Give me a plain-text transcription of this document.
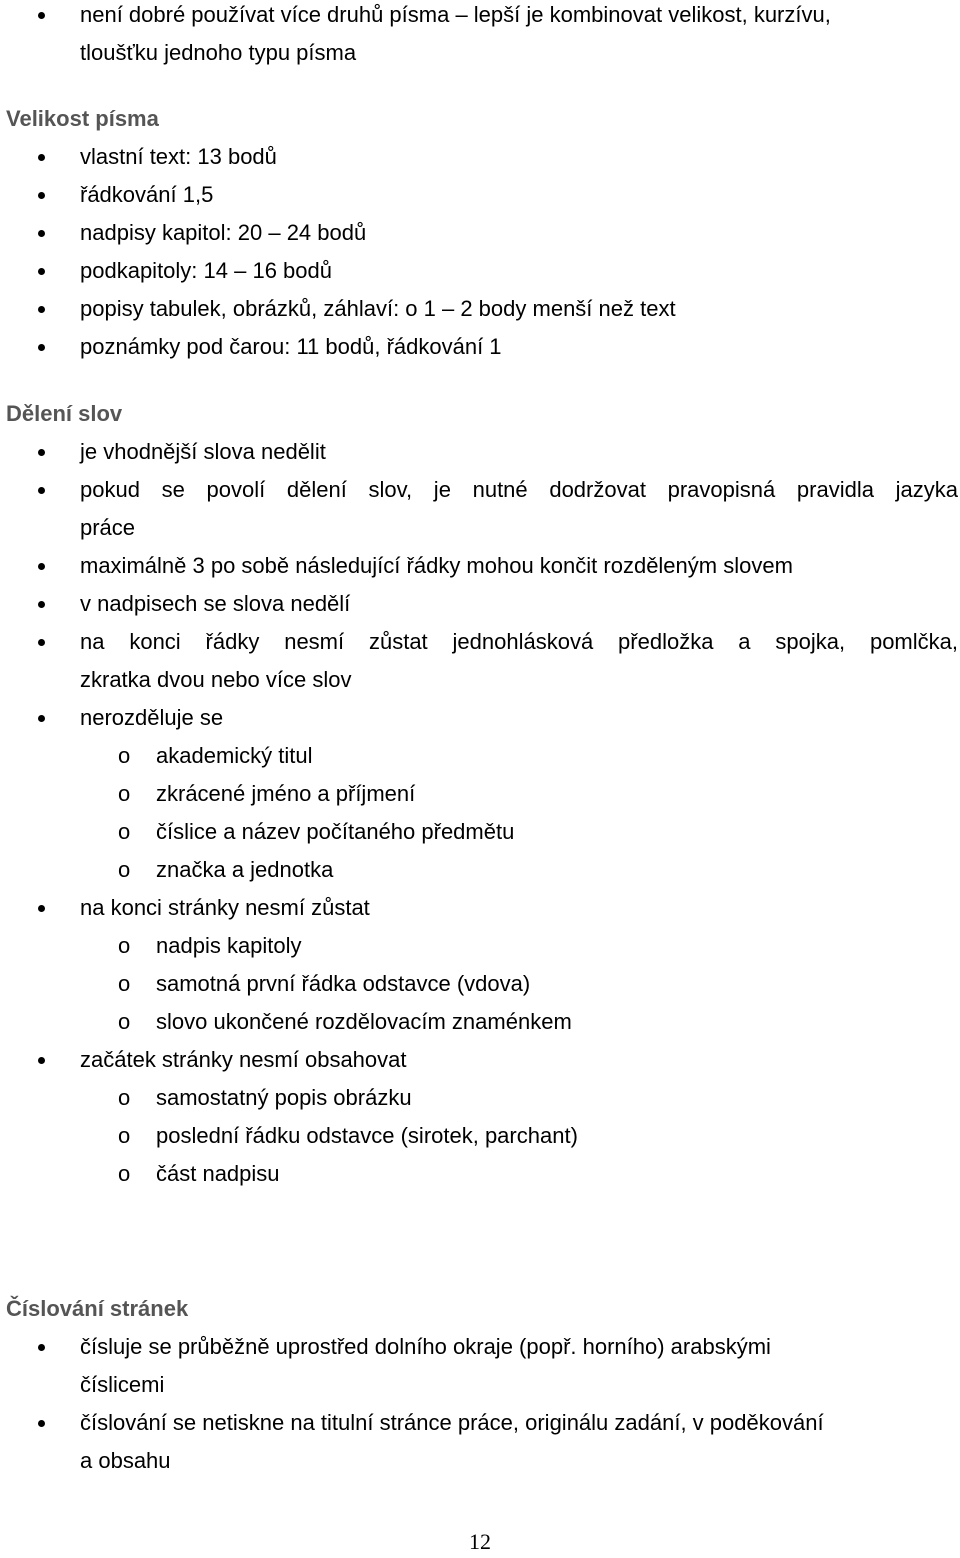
není dobré používat více druhů písma – lepší je kombinovat velikost, kurzívu,
tloušťku jednoho typu písma
Velikost písma
vlastní text: 13 bodů
řádkování 1,5
nadpisy kapitol: 20 – 24 bodů
podkapitoly: 14 – 16 bodů
popisy tabulek, obrázků, záhlaví: o 1 – 2 body menší než text
poznámky pod čarou: 11 bodů, řádkování 1
Dělení slov
je vhodnější slova nedělit
pokud se povolí dělení slov, je nutné dodržovat pravopisná pravidla jazyka
práce
maximálně 3 po sobě následující řádky mohou končit rozděleným slovem
v nadpisech se slova nedělí
na konci řádky nesmí zůstat jednohlásková předložka a spojka, pomlčka,
zkratka dvou nebo více slov
nerozděluje se
o akademický titul
o zkrácené jméno a příjmení
o číslice a název počítaného předmětu
o značka a jednotka
na konci stránky nesmí zůstat
o nadpis kapitoly
o samotná první řádka odstavce (vdova)
o slovo ukončené rozdělovacím znaménkem
začátek stránky nesmí obsahovat
o samostatný popis obrázku
o poslední řádku odstavce (sirotek, parchant)
o část nadpisu
Číslování stránek
čísluje se průběžně uprostřed dolního okraje (popř. horního) arabskými
číslicemi
číslování se netiskne na titulní stránce práce, originálu zadání, v poděkování
a obsahu
12
